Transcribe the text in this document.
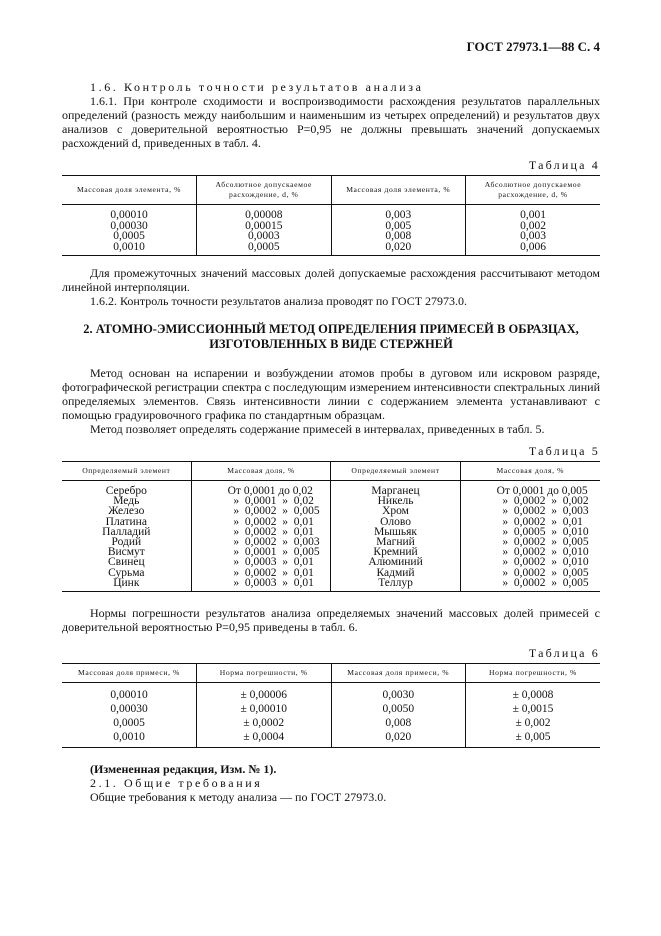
ГОСТ 27973.1—88 С. 4

1.6. Контроль точности результатов анализа

1.6.1. При контроле сходимости и воспроизводимости расхождения результатов параллельных определений (разность между наибольшим и наименьшим из четырех определений) и результатов двух анализов с доверительной вероятностью Р=0,95 не должны превышать значений допускаемых расхождений d, приведенных в табл. 4.

Таблица 4
Массовая доля элемента, %	Абсолютное допускаемое расхождение, d, %	Массовая доля элемента, %	Абсолютное допускаемое расхождение, d, %
0,00010	0,00008	0,003	0,001
0,00030	0,00015	0,005	0,002
0,0005	0,0003	0,008	0,003
0,0010	0,0005	0,020	0,006

Для промежуточных значений массовых долей допускаемые расхождения рассчитывают методом линейной интерполяции.

1.6.2. Контроль точности результатов анализа проводят по ГОСТ 27973.0.

2. АТОМНО-ЭМИССИОННЫЙ МЕТОД ОПРЕДЕЛЕНИЯ ПРИМЕСЕЙ В ОБРАЗЦАХ, ИЗГОТОВЛЕННЫХ В ВИДЕ СТЕРЖНЕЙ

Метод основан на испарении и возбуждении атомов пробы в дуговом или искровом разряде, фотографической регистрации спектра с последующим измерением интенсивности спектральных линий определяемых элементов. Связь интенсивности линии с содержанием элемента устанавливают с помощью градуировочного графика по стандартным образцам.

Метод позволяет определять содержание примесей в интервалах, приведенных в табл. 5.

Таблица 5
Определяемый элемент	Массовая доля, %	Определяемый элемент	Массовая доля, %
Серебро	От 0,0001 до 0,02	Марганец	От 0,0001 до 0,005
Медь	»  0,0001  »  0,02	Никель	»  0,0002  »  0,002
Железо	»  0,0002  »  0,005	Хром	»  0,0002  »  0,003
Платина	»  0,0002  »  0,01	Олово	»  0,0002  »  0,01
Палладий	»  0,0002  »  0,01	Мышьяк	»  0,0005  »  0,010
Родий	»  0,0002  »  0,003	Магний	»  0,0002  »  0,005
Висмут	»  0,0001  »  0,005	Кремний	»  0,0002  »  0,010
Свинец	»  0,0003  »  0,01	Алюминий	»  0,0002  »  0,010
Сурьма	»  0,0002  »  0,01	Кадмий	»  0,0002  »  0,005
Цинк	»  0,0003  »  0,01	Теллур	»  0,0002  »  0,005

Нормы погрешности результатов анализа определяемых значений массовых долей примесей с доверительной вероятностью Р=0,95 приведены в табл. 6.

Таблица 6
Массовая доля примеси, %	Норма погрешности, %	Массовая доля примеси, %	Норма погрешности, %
0,00010	± 0,00006	0,0030	± 0,0008
0,00030	± 0,00010	0,0050	± 0,0015
0,0005	± 0,0002	0,008	± 0,002
0,0010	± 0,0004	0,020	± 0,005

(Измененная редакция, Изм. № 1).

2.1. Общие требования

Общие требования к методу анализа — по ГОСТ 27973.0.
